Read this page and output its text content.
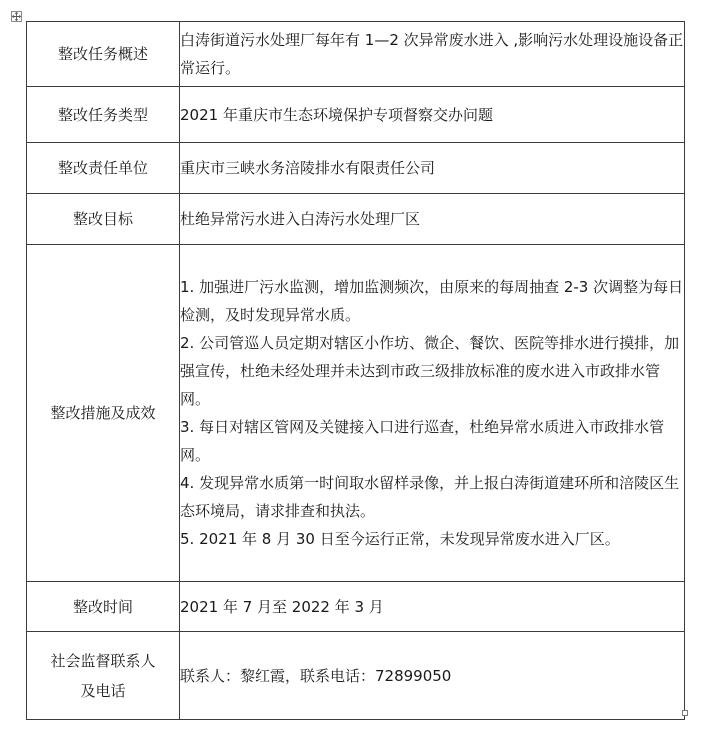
整改任务概述	白涛街道污水处理厂每年有 1—2 次异常废水进入 ,影响污水处理设施设备正常运行。
整改任务类型	2021 年重庆市生态环境保护专项督察交办问题
整改责任单位	重庆市三峡水务涪陵排水有限责任公司
整改目标	杜绝异常污水进入白涛污水处理厂区
整改措施及成效	1. 加强进厂污水监测，增加监测频次，由原来的每周抽查 2-3 次调整为每日检测，及时发现异常水质。
2. 公司管巡人员定期对辖区小作坊、微企、餐饮、医院等排水进行摸排，加强宣传，杜绝未经处理并未达到市政三级排放标准的废水进入市政排水管网。
3. 每日对辖区管网及关键接入口进行巡查，杜绝异常水质进入市政排水管网。
4. 发现异常水质第一时间取水留样录像，并上报白涛街道建环所和涪陵区生态环境局，请求排查和执法。
5. 2021 年 8 月 30 日至今运行正常，未发现异常废水进入厂区。

整改时间	2021 年 7 月至 2022 年 3 月

社会监督联系人
及电话	联系人：黎红霞，联系电话：72899050
